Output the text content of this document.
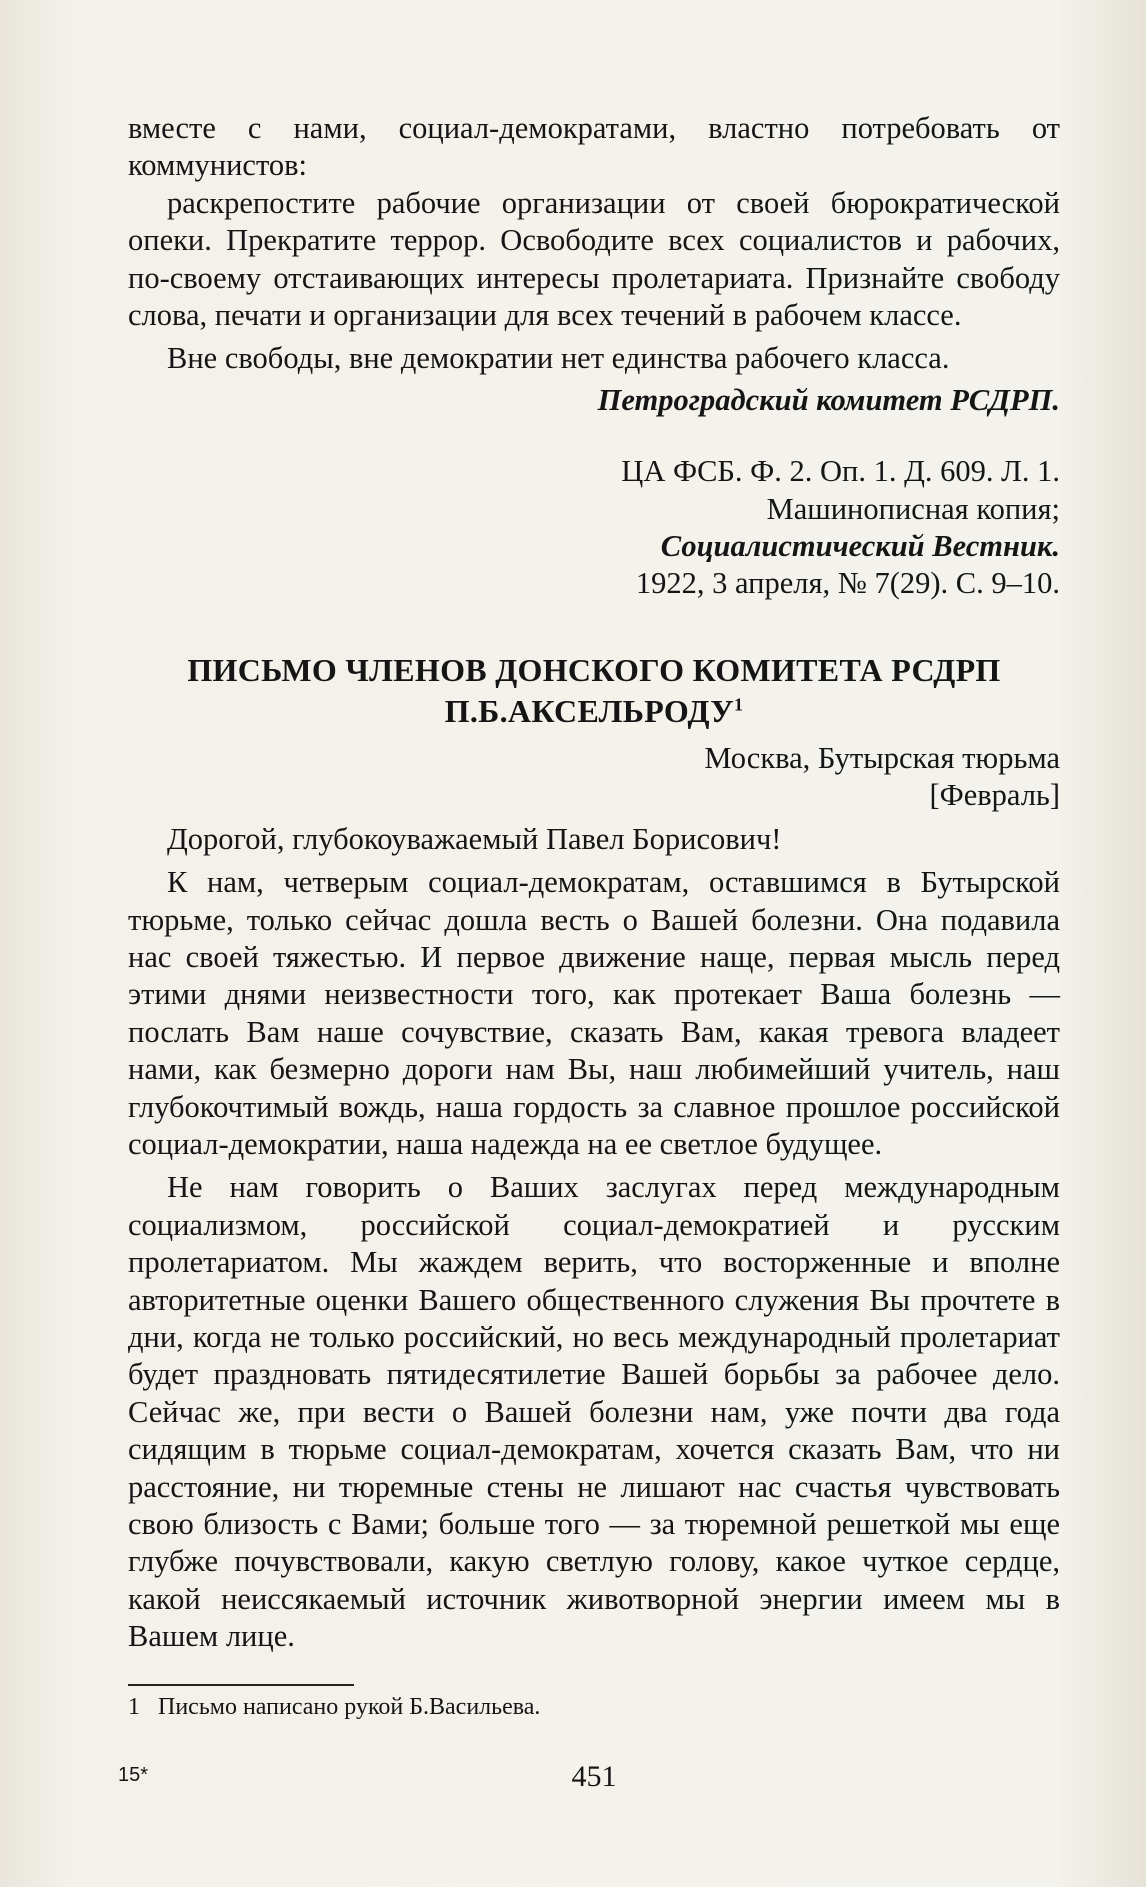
вместе с нами, социал-демократами, властно потребовать от коммунистов:

раскрепостите рабочие организации от своей бюрократической опеки. Прекратите террор. Освободите всех социалистов и рабочих, по-своему отстаивающих интересы пролетариата. Признайте свободу слова, печати и организации для всех течений в рабочем классе.

Вне свободы, вне демократии нет единства рабочего класса.

Петроградский комитет РСДРП.

ЦА ФСБ. Ф. 2. Оп. 1. Д. 609. Л. 1.
Машинописная копия;
Социалистический Вестник.
1922, 3 апреля, № 7(29). С. 9–10.
ПИСЬМО ЧЛЕНОВ ДОНСКОГО КОМИТЕТА РСДРП
П.Б.АКСЕЛЬРОДУ$^1$
Москва, Бутырская тюрьма
[Февраль]

Дорогой, глубокоуважаемый Павел Борисович!

К нам, четверым социал-демократам, оставшимся в Бутырской тюрьме, только сейчас дошла весть о Вашей болезни. Она подавила нас своей тяжестью. И первое движение наще, первая мысль перед этими днями неизвестности того, как протекает Ваша болезнь — послать Вам наше сочувствие, сказать Вам, какая тревога владеет нами, как безмерно дороги нам Вы, наш любимейший учитель, наш глубокочтимый вождь, наша гордость за славное прошлое российской социал-демократии, наша надежда на ее светлое будущее.

Не нам говорить о Ваших заслугах перед международным социализмом, российской социал-демократией и русским пролетариатом. Мы жаждем верить, что восторженные и вполне авторитетные оценки Вашего общественного служения Вы прочтете в дни, когда не только российский, но весь международный пролетариат будет праздновать пятидесятилетие Вашей борьбы за рабочее дело. Сейчас же, при вести о Вашей болезни нам, уже почти два года сидящим в тюрьме социал-демократам, хочется сказать Вам, что ни расстояние, ни тюремные стены не лишают нас счастья чувствовать свою близость с Вами; больше того — за тюремной решеткой мы еще глубже почувствовали, какую светлую голову, какое чуткое сердце, какой неиссякаемый источник животворной энергии имеем мы в Вашем лице.

1 Письмо написано рукой Б.Васильева.

15*	451
